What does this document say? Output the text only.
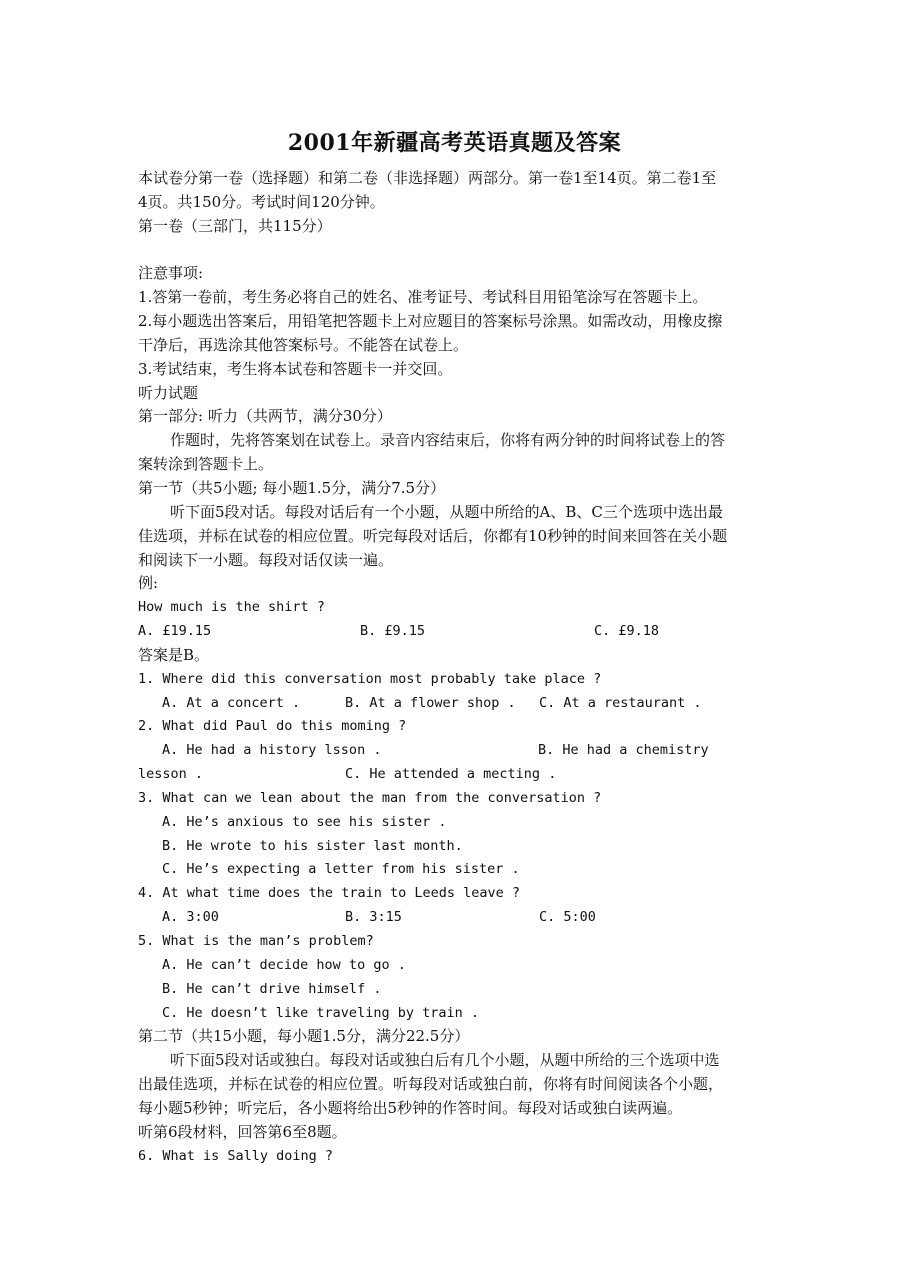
2001年新疆高考英语真题及答案
本试卷分第一卷（选择题）和第二卷（非选择题）两部分。第一卷1至14页。第二卷1至
4页。共150分。考试时间120分钟。
第一卷（三部门，共115分）
注意事项:
1.答第一卷前，考生务必将自己的姓名、准考证号、考试科目用铅笔涂写在答题卡上。
2.每小题选出答案后，用铅笔把答题卡上对应题目的答案标号涂黑。如需改动，用橡皮擦
干净后，再选涂其他答案标号。不能答在试卷上。
3.考试结束，考生将本试卷和答题卡一并交回。
听力试题
第一部分: 听力（共两节，满分30分）
作题时，先将答案划在试卷上。录音内容结束后，你将有两分钟的时间将试卷上的答
案转涂到答题卡上。
第一节（共5小题; 每小题1.5分，满分7.5分）
听下面5段对话。每段对话后有一个小题，从题中所给的A、B、C三个选项中选出最
佳选项，并标在试卷的相应位置。听完每段对话后，你都有10秒钟的时间来回答在关小题
和阅读下一小题。每段对话仅读一遍。
例:
How much is the shirt ?
A. £19.15	B. £9.15	C. £9.18
答案是B。
1. Where did this conversation most probably take place ?
A. At a concert .	B. At a flower shop . C. At a restaurant .
2. What did Paul do this moming ?
A. He had a history lsson .	B. He had a chemistry
lesson .	C. He attended a mecting .
3. What can we lean about the man from the conversation ?
A. He’s anxious to see his sister .
B. He wrote to his sister last month.
C. He’s expecting a letter from his sister .
4. At what time does the train to Leeds leave ?
A. 3:00	B. 3:15	C. 5:00
5. What is the man’s problem?
A. He can’t decide how to go .
B. He can’t drive himself .
C. He doesn’t like traveling by train .
第二节（共15小题，每小题1.5分，满分22.5分）
听下面5段对话或独白。每段对话或独白后有几个小题，从题中所给的三个选项中选
出最佳选项，并标在试卷的相应位置。听每段对话或独白前，你将有时间阅读各个小题，
每小题5秒钟；听完后，各小题将给出5秒钟的作答时间。每段对话或独白读两遍。
听第6段材料，回答第6至8题。
6. What is Sally doing ?
